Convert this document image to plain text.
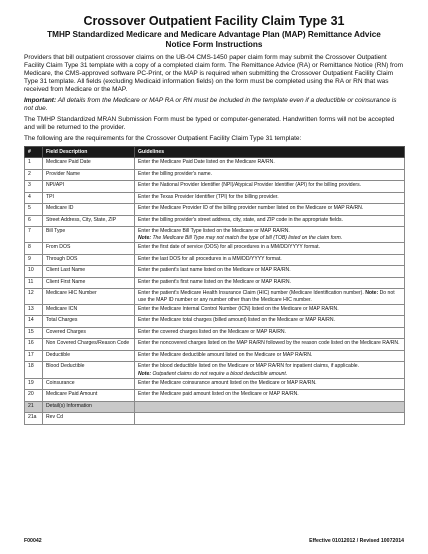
Crossover Outpatient Facility Claim Type 31
TMHP Standardized Medicare and Medicare Advantage Plan (MAP) Remittance Advice
Notice Form Instructions

Providers that bill outpatient crossover claims on the UB-04 CMS-1450 paper claim form may submit the Crossover Outpatient Facility Claim Type 31 template with a copy of a completed claim form. The Remittance Advice (RA) or Remittance Notice (RN) from Medicare, the CMS-approved software PC-Print, or the MAP is required when submitting the Crossover Outpatient Facility Claim Type 31 template. All fields (excluding Medicaid information fields) on the form must be completed using the RA or RN that was received from Medicare or the MAP.

Important: All details from the Medicare or MAP RA or RN must be included in the template even if a deductible or coinsurance is not due.

The TMHP Standardized MRAN Submission Form must be typed or computer-generated. Handwritten forms will not be accepted and will be returned to the provider.

The following are the requirements for the Crossover Outpatient Facility Claim Type 31 template:

#	Field Description	Guidelines
1	Medicare Paid Date	Enter the Medicare Paid Date listed on the Medicare RA/RN.
2	Provider Name	Enter the billing provider's name.
3	NPI/API	Enter the National Provider Identifier (NPI)/Atypical Provider Identifier (API) for the billing providers.
4	TPI	Enter the Texas Provider Identifier (TPI) for the billing provider.
5	Medicare ID	Enter the Medicare Provider ID of the billing provider number listed on the Medicare or MAP RA/RN.
6	Street Address, City, State, ZIP	Enter the billing provider's street address, city, state, and ZIP code in the appropriate fields.
7	Bill Type	Enter the Medicare Bill Type listed on the Medicare or MAP RA/RN.
Note: The Medicare Bill Type may not match the type of bill (TOB) listed on the claim form.

8	From DOS	Enter the first date of service (DOS) for all procedures in a MM/DD/YYYY format.
9	Through DOS	Enter the last DOS for all procedures in a MM/DD/YYYY format.
10	Client Last Name	Enter the patient's last name listed on the Medicare or MAP RA/RN.
11	Client First Name	Enter the patient's first name listed on the Medicare or MAP RA/RN.
12	Medicare HIC Number	Enter the patient's Medicare Health Insurance Claim (HIC) number (Medicare Identification number). Note: Do not use the MAP ID number or any number other than the Medicare HIC number.
13	Medicare ICN	Enter the Medicare Internal Control Number (ICN) listed on the Medicare or MAP RA/RN.
14	Total Charges	Enter the Medicare total charges (billed amount) listed on the Medicare or MAP RA/RN.
15	Covered Charges	Enter the covered charges listed on the Medicare or MAP RA/RN.
16	Non Covered Charges/Reason Code	Enter the noncovered charges listed on the MAP RA/RN followed by the reason code listed on the Medicare RA/RN.
17	Deductible	Enter the Medicare deductible amount listed on the Medicare or MAP RA/RN.
18	Blood Deductible	Enter the blood deductible listed on the Medicare or MAP RA/RN for inpatient claims, if applicable.
Note: Outpatient claims do not require a blood deductible amount.

19	Coinsurance	Enter the Medicare coinsurance amount listed on the Medicare or MAP RA/RN.
20	Medicare Paid Amount	Enter the Medicare paid amount listed on the Medicare or MAP RA/RN.
21	Detail(s) Information	
21a	Rev Cd	
F00042	Effective 01012012 / Revised 10072014
